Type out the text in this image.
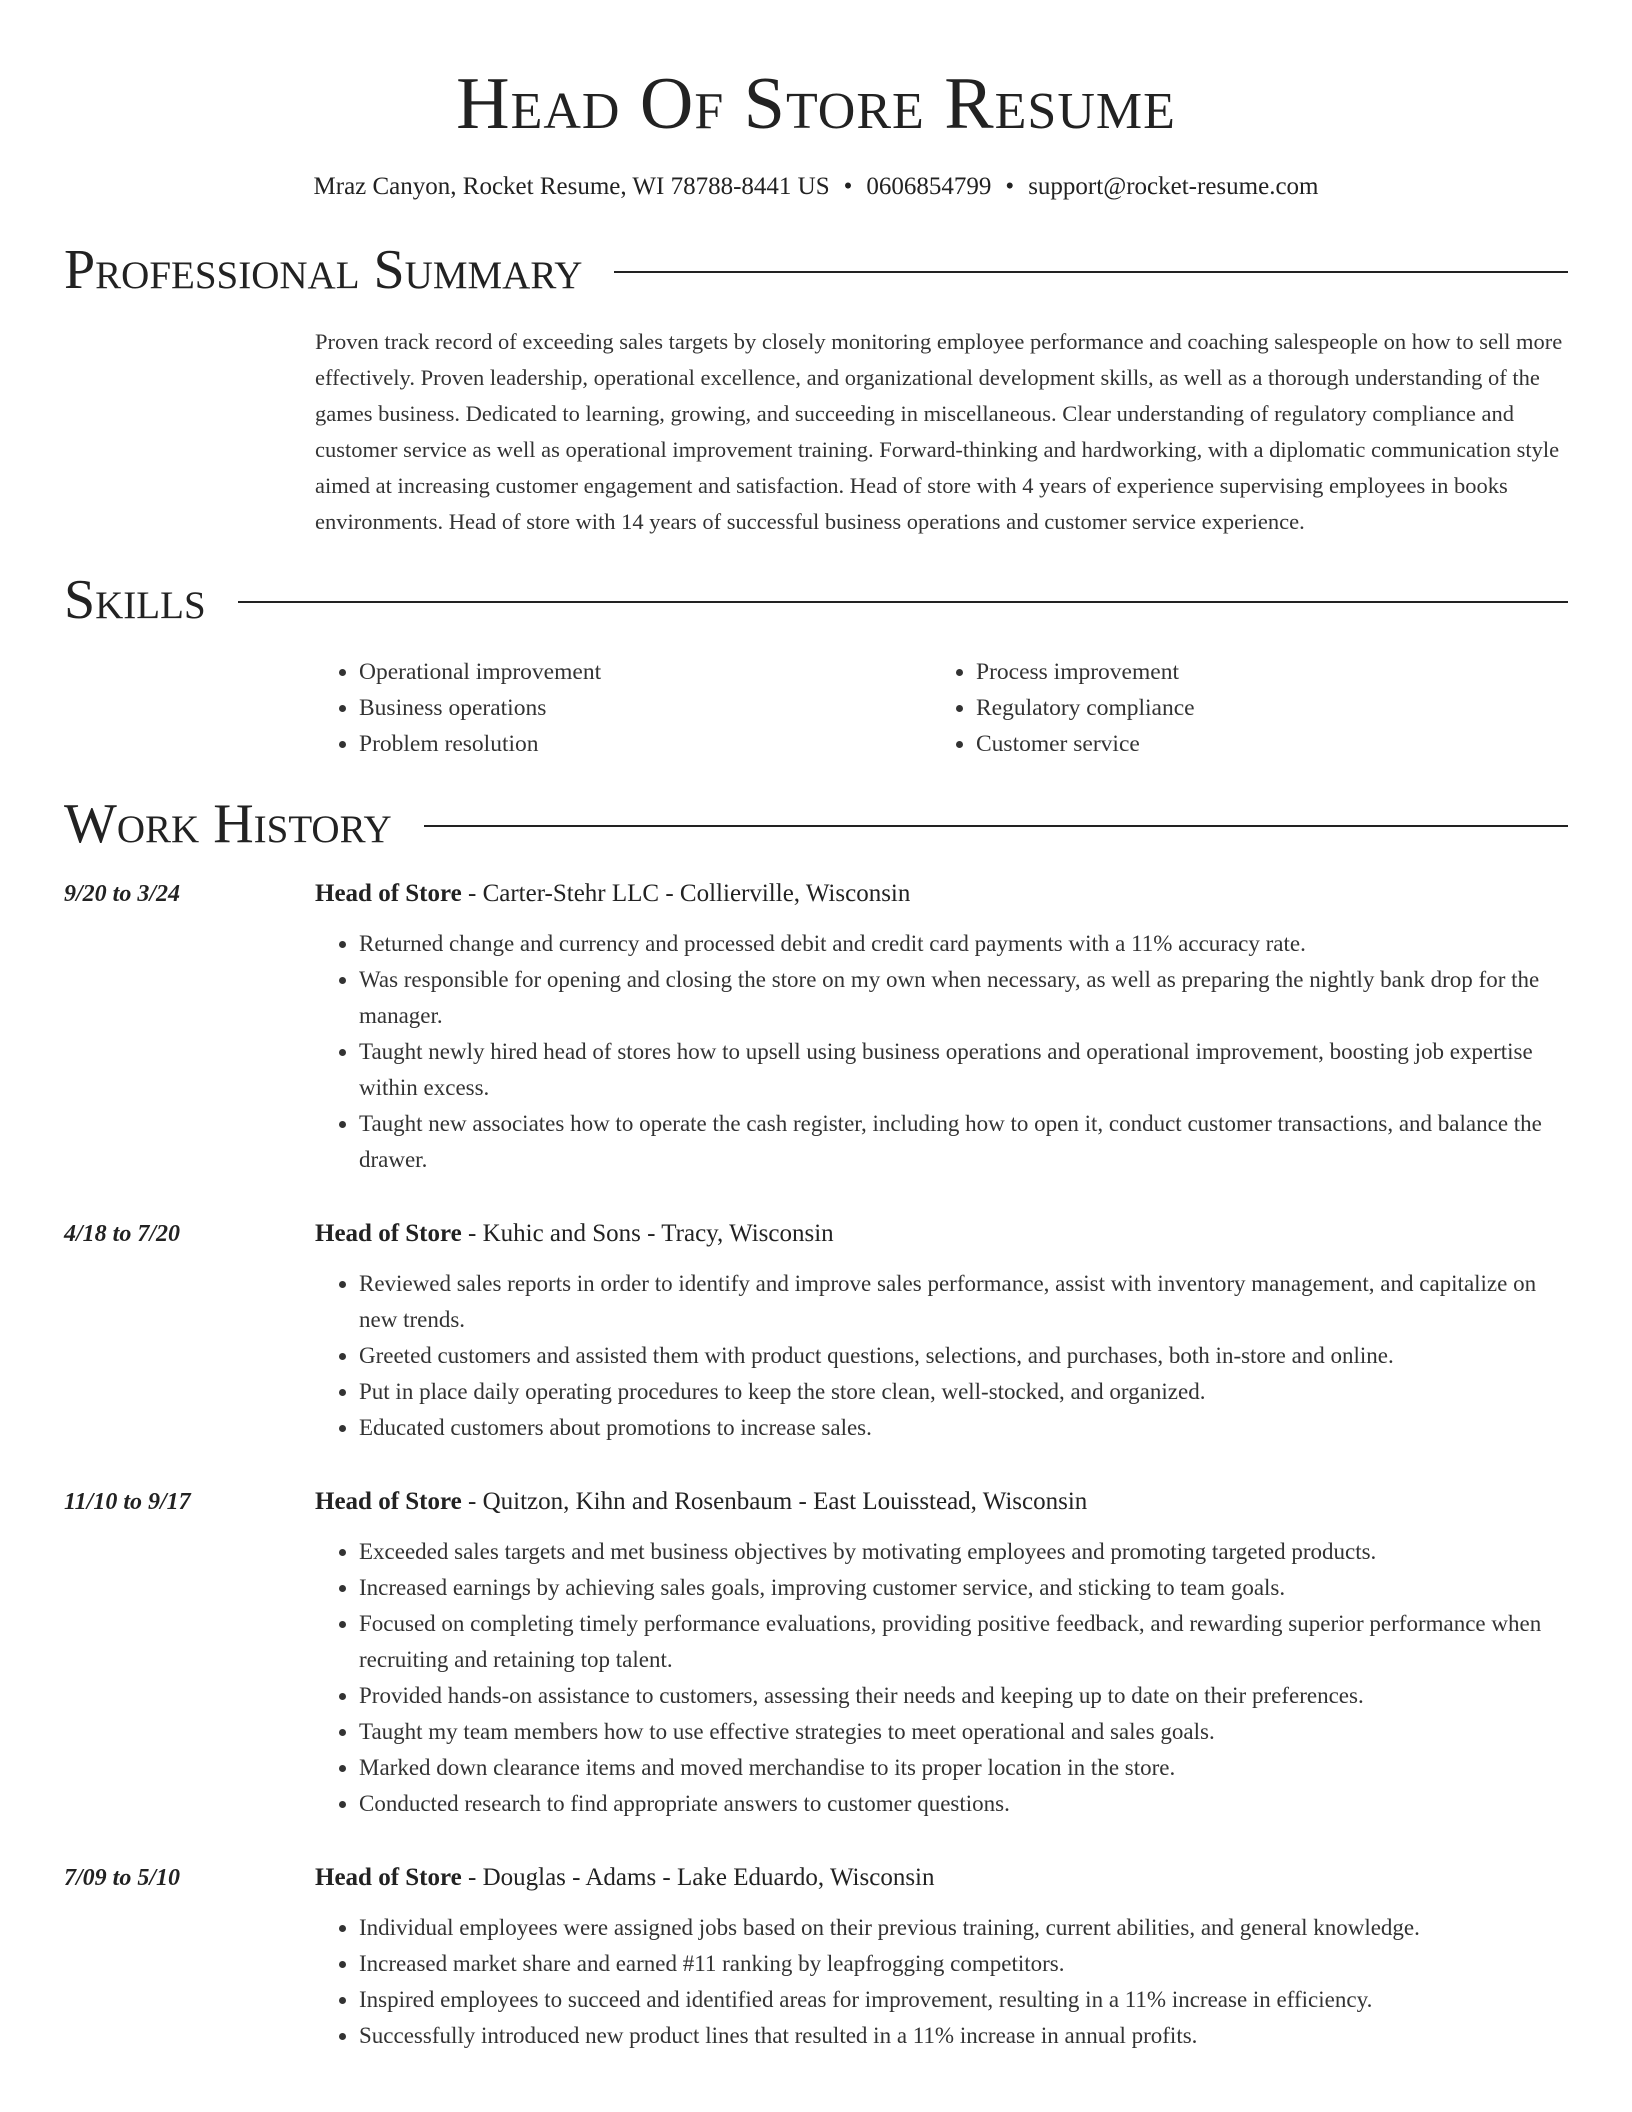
Head Of Store Resume
Mraz Canyon, Rocket Resume, WI 78788-8441 US • 0606854799 • support@rocket-resume.com
Professional Summary
Proven track record of exceeding sales targets by closely monitoring employee performance and coaching salespeople on how to sell more effectively. Proven leadership, operational excellence, and organizational development skills, as well as a thorough understanding of the games business. Dedicated to learning, growing, and succeeding in miscellaneous. Clear understanding of regulatory compliance and customer service as well as operational improvement training. Forward-thinking and hardworking, with a diplomatic communication style aimed at increasing customer engagement and satisfaction. Head of store with 4 years of experience supervising employees in books environments. Head of store with 14 years of successful business operations and customer service experience.
Skills
• Operational improvement
• Business operations
• Problem resolution
• Process improvement
• Regulatory compliance
• Customer service
Work History
9/20 to 3/24	Head of Store - Carter-Stehr LLC - Collierville, Wisconsin
• Returned change and currency and processed debit and credit card payments with a 11% accuracy rate.
• Was responsible for opening and closing the store on my own when necessary, as well as preparing the nightly bank drop for the manager.
• Taught newly hired head of stores how to upsell using business operations and operational improvement, boosting job expertise within excess.
• Taught new associates how to operate the cash register, including how to open it, conduct customer transactions, and balance the drawer.
4/18 to 7/20	Head of Store - Kuhic and Sons - Tracy, Wisconsin
• Reviewed sales reports in order to identify and improve sales performance, assist with inventory management, and capitalize on new trends.
• Greeted customers and assisted them with product questions, selections, and purchases, both in-store and online.
• Put in place daily operating procedures to keep the store clean, well-stocked, and organized.
• Educated customers about promotions to increase sales.
11/10 to 9/17	Head of Store - Quitzon, Kihn and Rosenbaum - East Louisstead, Wisconsin
• Exceeded sales targets and met business objectives by motivating employees and promoting targeted products.
• Increased earnings by achieving sales goals, improving customer service, and sticking to team goals.
• Focused on completing timely performance evaluations, providing positive feedback, and rewarding superior performance when recruiting and retaining top talent.
• Provided hands-on assistance to customers, assessing their needs and keeping up to date on their preferences.
• Taught my team members how to use effective strategies to meet operational and sales goals.
• Marked down clearance items and moved merchandise to its proper location in the store.
• Conducted research to find appropriate answers to customer questions.
7/09 to 5/10	Head of Store - Douglas - Adams - Lake Eduardo, Wisconsin
• Individual employees were assigned jobs based on their previous training, current abilities, and general knowledge.
• Increased market share and earned #11 ranking by leapfrogging competitors.
• Inspired employees to succeed and identified areas for improvement, resulting in a 11% increase in efficiency.
• Successfully introduced new product lines that resulted in a 11% increase in annual profits.
